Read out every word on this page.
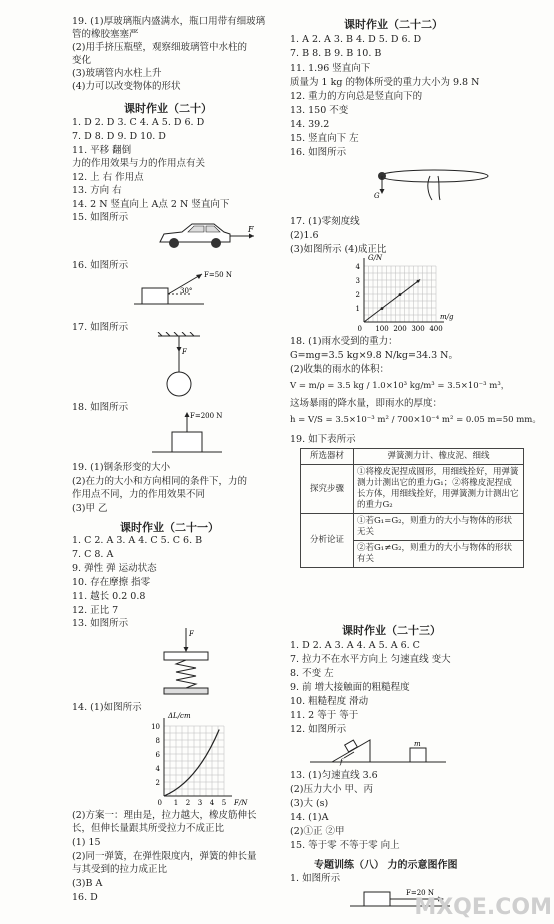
19. (1)厚玻璃瓶内盛满水，瓶口用带有细玻璃
管的橡胶塞塞严
(2)用手挤压瓶壁，观察细玻璃管中水柱的
变化
(3)玻璃管内水柱上升
(4)力可以改变物体的形状
课时作业（二十）
1. D 2. D 3. C 4. A 5. D 6. D
7. D 8. D 9. D 10. D
11. 平移 翻倒
力的作用效果与力的作用点有关
12. 上 右 作用点
13. 方向 右
14. 2 N 竖直向上 A点 2 N 竖直向下
15. 如图所示
F
16. 如图所示
30°
F=50 N
17. 如图所示
F
18. 如图所示
F=200 N
19. (1)钢条形变的大小
(2)在力的大小和方向相同的条件下，力的
作用点不同，力的作用效果不同
(3)甲 乙
课时作业（二十一）
1. C 2. A 3. A 4. C 5. C 6. B
7. C 8. A
9. 弹性 弹 运动状态
10. 存在摩擦 指零
11. 越长 0.2 0.8
12. 正比 7
13. 如图所示
F
14. (1)如图所示
2
4
6
8
10
1 2 3 4 5
0
ΔL/cm
F/N
(2)方案一：理由是，拉力越大，橡皮筋伸长
长，但伸长量跟其所受拉力不成正比
(1) 15
(2)同一弹簧，在弹性限度内，弹簧的伸长量
与其受到的拉力成正比
(3)B A
16. D
课时作业（二十二）
1. A 2. A 3. B 4. D 5. D 6. D
7. B 8. B 9. B 10. B
11. 1.96 竖直向下
质量为 1 kg 的物体所受的重力大小为 9.8 N
12. 重力的方向总是竖直向下的
13. 150 不变
14. 39.2
15. 竖直向下 左
16. 如图所示
G
17. (1)零刻度线
(2)1.6
(3)如图所示 (4)成正比
1
2
3
4
100 200 300 400
0
G/N
m/g
18. (1)雨水受到的重力：
G=mg=3.5 kg×9.8 N/kg=34.3 N。
(2)收集的雨水的体积：
V = m/ρ = 3.5 kg / 1.0×10³ kg/m³ = 3.5×10⁻³ m³，
这场暴雨的降水量，即雨水的厚度：
h = V/S = 3.5×10⁻³ m² / 700×10⁻⁴ m² = 0.05 m=50 mm。
19. 如下表所示
所选器材	弹簧测力计、橡皮泥、细线
探究步骤	①将橡皮泥捏成圆形，用细线拴好，用弹簧测力计测出它的重力G₁；②将橡皮泥捏成长方体，用细线拴好，用弹簧测力计测出它的重力G₂
分析论证	①若G₁=G₂，则重力的大小与物体的形状无关
	②若G₁≠G₂，则重力的大小与物体的形状有关
课时作业（二十三）
1. D 2. A 3. A 4. A 5. A 6. C
7. 拉力不在水平方向上 匀速直线 变大
8. 不变 左
9. 前 增大接触面的粗糙程度
10. 粗糙程度 滑动
11. 2 等于 等于
12. 如图所示
f
m
13. (1)匀速直线 3.6
(2)压力大小 甲、丙
(3)大 (s)
14. (1)A
(2)①正 ②甲
15. 等于零 不等于零 向上
专题训练（八） 力的示意图作图
1. 如图所示
F=20 N
MXQE.COM
